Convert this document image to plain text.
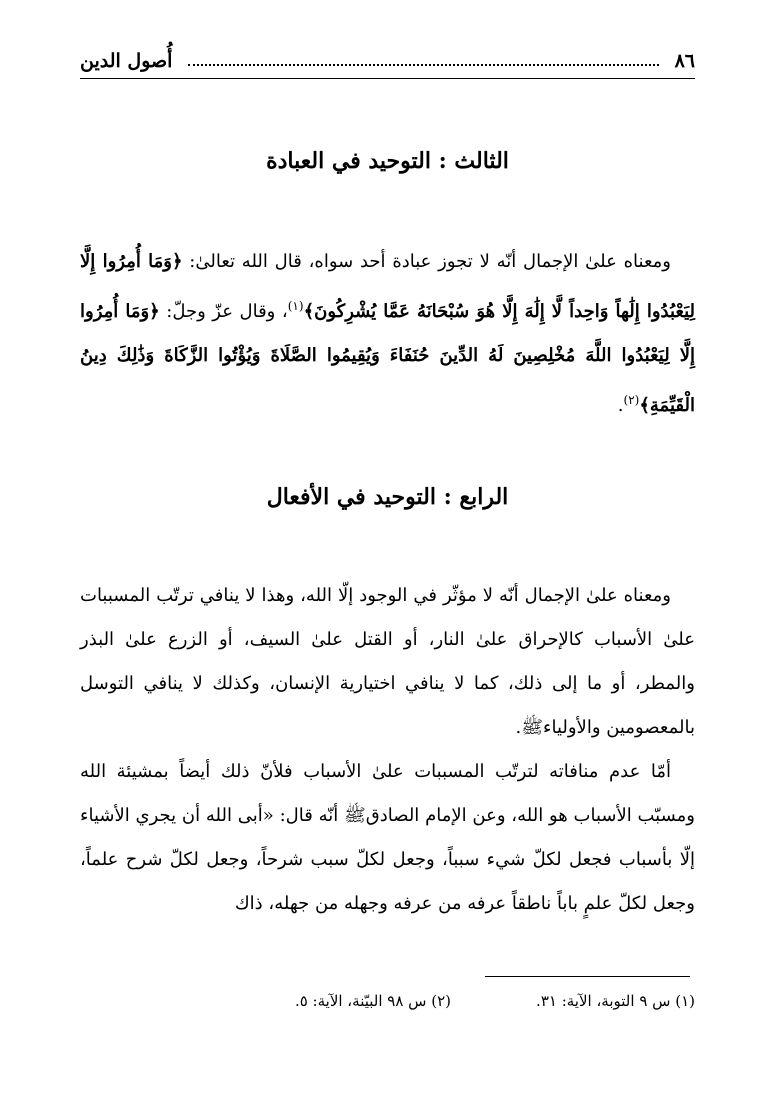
٨٦
أُصول الدين
الثالث : التوحيد في العبادة

ومعناه علىٰ الإجمال أنّه لا تجوز عبادة أحد سواه، قال الله تعالىٰ: ﴿وَمَا أُمِرُوا إِلَّا لِيَعْبُدُوا إِلَٰهاً وَاحِداً لَّا إِلَٰهَ إِلَّا هُوَ سُبْحَانَهُ عَمَّا يُشْرِكُونَ﴾$^{(١)}$، وقال عزّ وجلّ: ﴿وَمَا أُمِرُوا إِلَّا لِيَعْبُدُوا اللَّهَ مُخْلِصِينَ لَهُ الدِّينَ حُنَفَاءَ وَيُقِيمُوا الصَّلَاةَ وَيُؤْتُوا الزَّكَاةَ وَذَٰلِكَ دِينُ الْقَيِّمَةِ﴾$^{(٢)}$.

الرابع : التوحيد في الأفعال

ومعناه علىٰ الإجمال أنّه لا مؤثّر في الوجود إلّا الله، وهذا لا ينافي ترتّب المسببات علىٰ الأسباب كالإحراق علىٰ النار، أو القتل علىٰ السيف، أو الزرع علىٰ البذر والمطر، أو ما إلى ذلك، كما لا ينافي اختيارية الإنسان، وكذلك لا ينافي التوسل بالمعصومين والأولياءﷺ.

أمّا عدم منافاته لترتّب المسببات علىٰ الأسباب فلأنّ ذلك أيضاً بمشيئة الله ومسبّب الأسباب هو الله، وعن الإمام الصادقﷺ أنّه قال: «أبى الله أن يجري الأشياء إلّا بأسباب فجعل لكلّ شيء سبباً، وجعل لكلّ سبب شرحاً، وجعل لكلّ شرح علماً، وجعل لكلّ علمٍ باباً ناطقاً عرفه من عرفه وجهله من جهله، ذاك

(١) س ٩ التوبة، الآية: ٣١.
(٢) س ٩٨ البيّنة، الآية: ٥.
